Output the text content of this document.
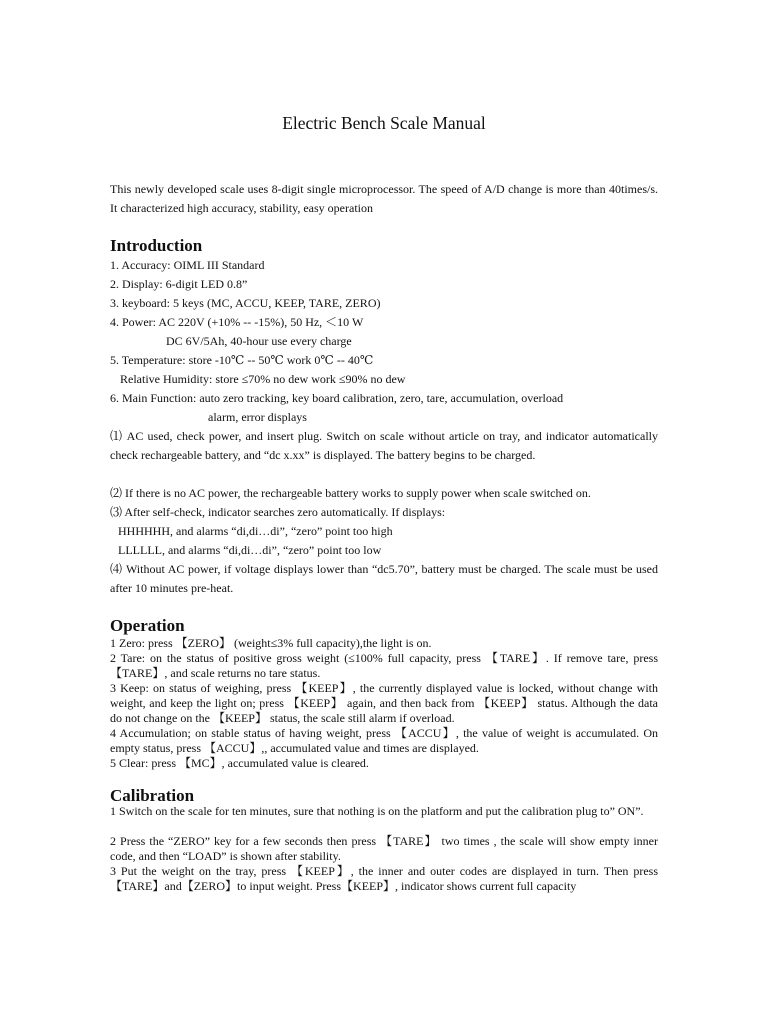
Electric Bench Scale Manual
This newly developed scale uses 8-digit single microprocessor. The speed of A/D change is more than 40times/s. It characterized high accuracy, stability, easy operation
Introduction
1. Accuracy: OIML III Standard
2. Display: 6-digit LED 0.8”
3. keyboard: 5 keys (MC, ACCU, KEEP, TARE, ZERO)
4. Power: AC 220V (+10% -- -15%), 50 Hz, ＜10 W
DC 6V/5Ah, 40-hour use every charge
5. Temperature: store -10℃ -- 50℃ work 0℃ -- 40℃
Relative Humidity: store ≤70% no dew work ≤90% no dew
6. Main Function: auto zero tracking, key board calibration, zero, tare, accumulation, overload
alarm, error displays
⑴ AC used, check power, and insert plug. Switch on scale without article on tray, and indicator automatically check rechargeable battery, and “dc x.xx” is displayed. The battery begins to be charged.
⑵ If there is no AC power, the rechargeable battery works to supply power when scale switched on.
⑶ After self-check, indicator searches zero automatically. If displays:
HHHHHH, and alarms “di,di…di”, “zero” point too high
LLLLLL, and alarms “di,di…di”, “zero” point too low
⑷ Without AC power, if voltage displays lower than “dc5.70”, battery must be charged. The scale must be used after 10 minutes pre-heat.
Operation
1 Zero: press 【ZERO】 (weight≤3% full capacity),the light is on.
2 Tare: on the status of positive gross weight (≤100% full capacity, press 【TARE】. If remove tare, press 【TARE】, and scale returns no tare status.
3 Keep: on status of weighing, press 【KEEP】, the currently displayed value is locked, without change with weight, and keep the light on; press 【KEEP】 again, and then back from 【KEEP】 status. Although the data do not change on the 【KEEP】 status, the scale still alarm if overload.
4 Accumulation; on stable status of having weight, press 【ACCU】, the value of weight is accumulated. On empty status, press 【ACCU】,, accumulated value and times are displayed.
5 Clear: press 【MC】, accumulated value is cleared.
Calibration
1 Switch on the scale for ten minutes, sure that nothing is on the platform and put the calibration plug to” ON”.
2 Press the “ZERO” key for a few seconds then press 【TARE】 two times , the scale will show empty inner code, and then “LOAD” is shown after stability.
3 Put the weight on the tray, press 【KEEP】, the inner and outer codes are displayed in turn. Then press【TARE】and【ZERO】to input weight. Press【KEEP】, indicator shows current full capacity
